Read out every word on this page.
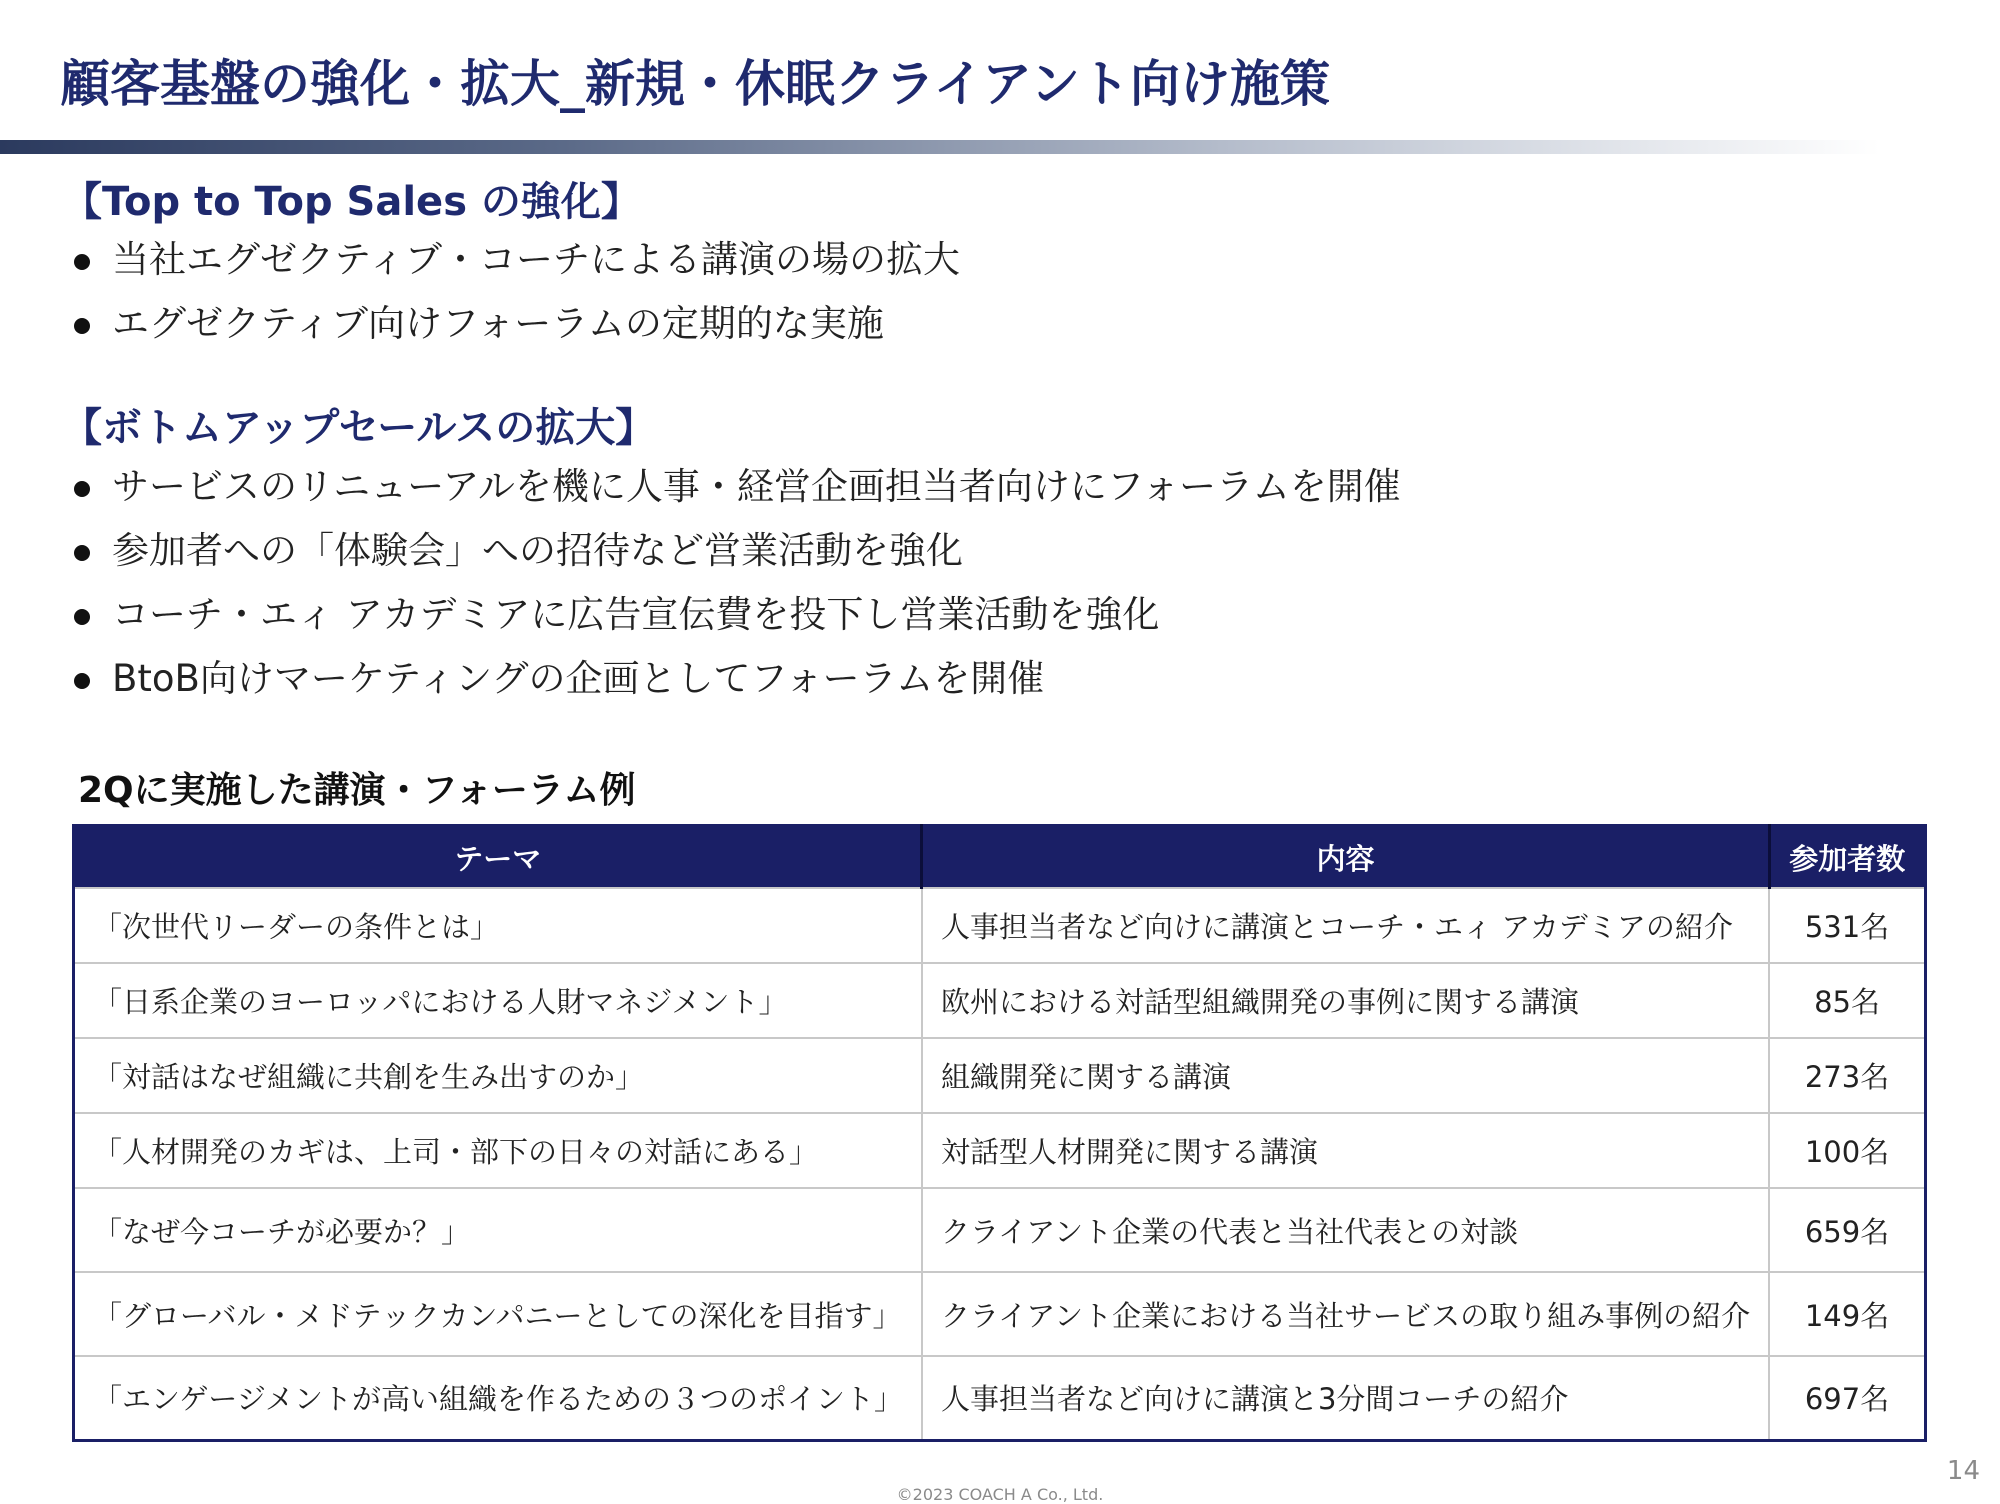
顧客基盤の強化・拡大_新規・休眠クライアント向け施策
【Top to Top Sales の強化】
当社エグゼクティブ・コーチによる講演の場の拡大
エグゼクティブ向けフォーラムの定期的な実施
【ボトムアップセールスの拡大】
サービスのリニューアルを機に人事・経営企画担当者向けにフォーラムを開催
参加者への「体験会」への招待など営業活動を強化
コーチ・エィ アカデミアに広告宣伝費を投下し営業活動を強化
BtoB向けマーケティングの企画としてフォーラムを開催
2Qに実施した講演・フォーラム例
テーマ	内容	参加者数
「次世代リーダーの条件とは」	人事担当者など向けに講演とコーチ・エィ アカデミアの紹介	531名
「日系企業のヨーロッパにおける人財マネジメント」	欧州における対話型組織開発の事例に関する講演	85名
「対話はなぜ組織に共創を生み出すのか」	組織開発に関する講演	273名
「人材開発のカギは、上司・部下の日々の対話にある」	対話型人材開発に関する講演	100名
「なぜ今コーチが必要か？」	クライアント企業の代表と当社代表との対談	659名
「グローバル・メドテックカンパニーとしての深化を目指す」	クライアント企業における当社サービスの取り組み事例の紹介	149名
「エンゲージメントが高い組織を作るための３つのポイント」	人事担当者など向けに講演と3分間コーチの紹介	697名
14
©2023 COACH A Co., Ltd.
